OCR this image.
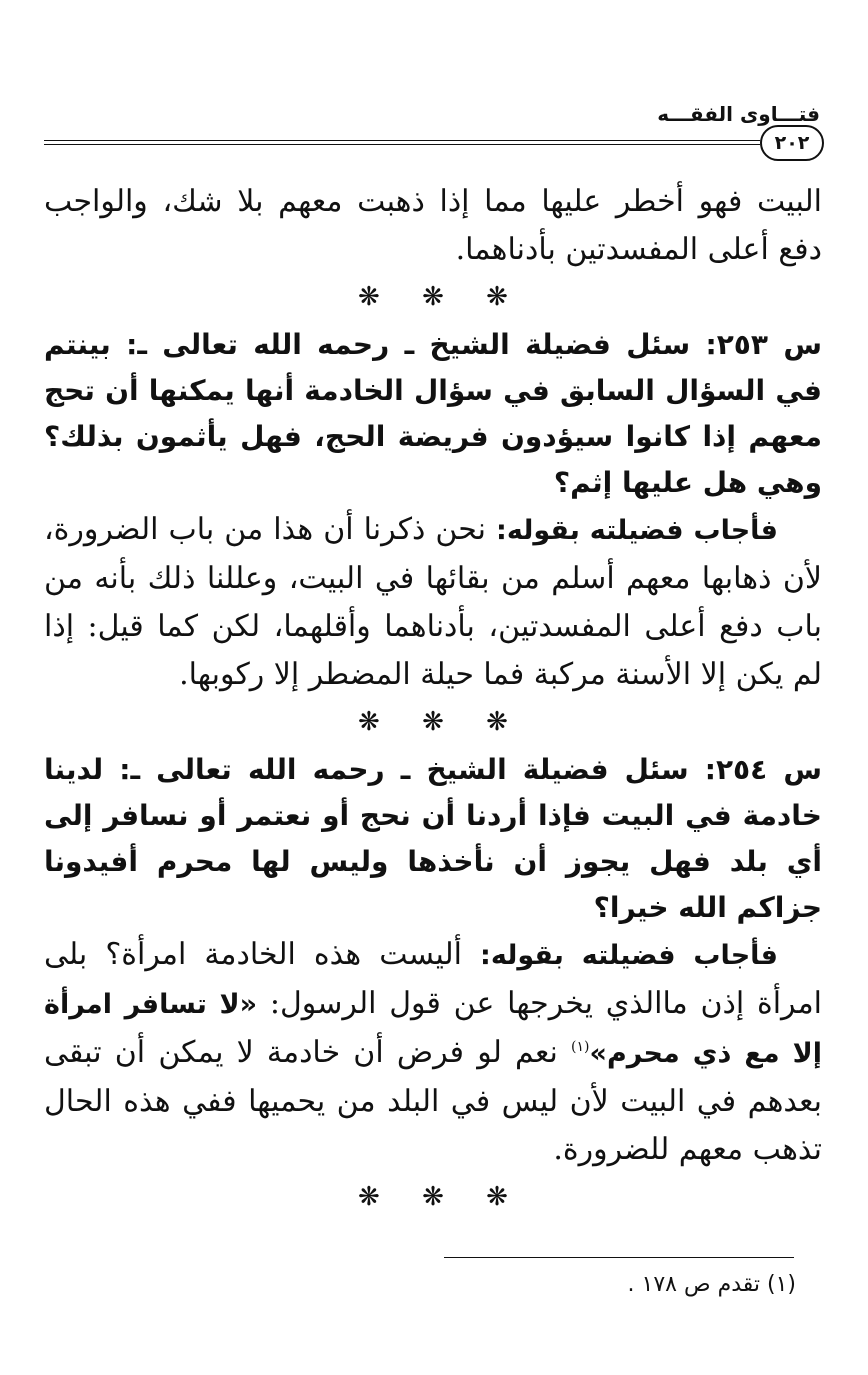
فتـــاوى الفقـــه
٢٠٢

البيت فهو أخطر عليها مما إذا ذهبت معهم بلا شك، والواجب دفع أعلى المفسدتين بأدناهما.

❋ ❋ ❋

س ٢٥٣: سئل فضيلة الشيخ ـ رحمه الله تعالى ـ: بينتم في السؤال السابق في سؤال الخادمة أنها يمكنها أن تحج معهم إذا كانوا سيؤدون فريضة الحج، فهل يأثمون بذلك؟ وهي هل عليها إثم؟

فأجاب فضيلته بقوله: نحن ذكرنا أن هذا من باب الضرورة، لأن ذهابها معهم أسلم من بقائها في البيت، وعللنا ذلك بأنه من باب دفع أعلى المفسدتين، بأدناهما وأقلهما، لكن كما قيل: إذا لم يكن إلا الأسنة مركبة فما حيلة المضطر إلا ركوبها.

❋ ❋ ❋

س ٢٥٤: سئل فضيلة الشيخ ـ رحمه الله تعالى ـ: لدينا خادمة في البيت فإذا أردنا أن نحج أو نعتمر أو نسافر إلى أي بلد فهل يجوز أن نأخذها وليس لها محرم أفيدونا جزاكم الله خيرا؟

فأجاب فضيلته بقوله: أليست هذه الخادمة امرأة؟ بلى امرأة إذن ماالذي يخرجها عن قول الرسول: «لا تسافر امرأة إلا مع ذي محرم»$^{(١)}$ نعم لو فرض أن خادمة لا يمكن أن تبقى بعدهم في البيت لأن ليس في البلد من يحميها ففي هذه الحال تذهب معهم للضرورة.

❋ ❋ ❋
(١) تقدم ص ١٧٨ .
